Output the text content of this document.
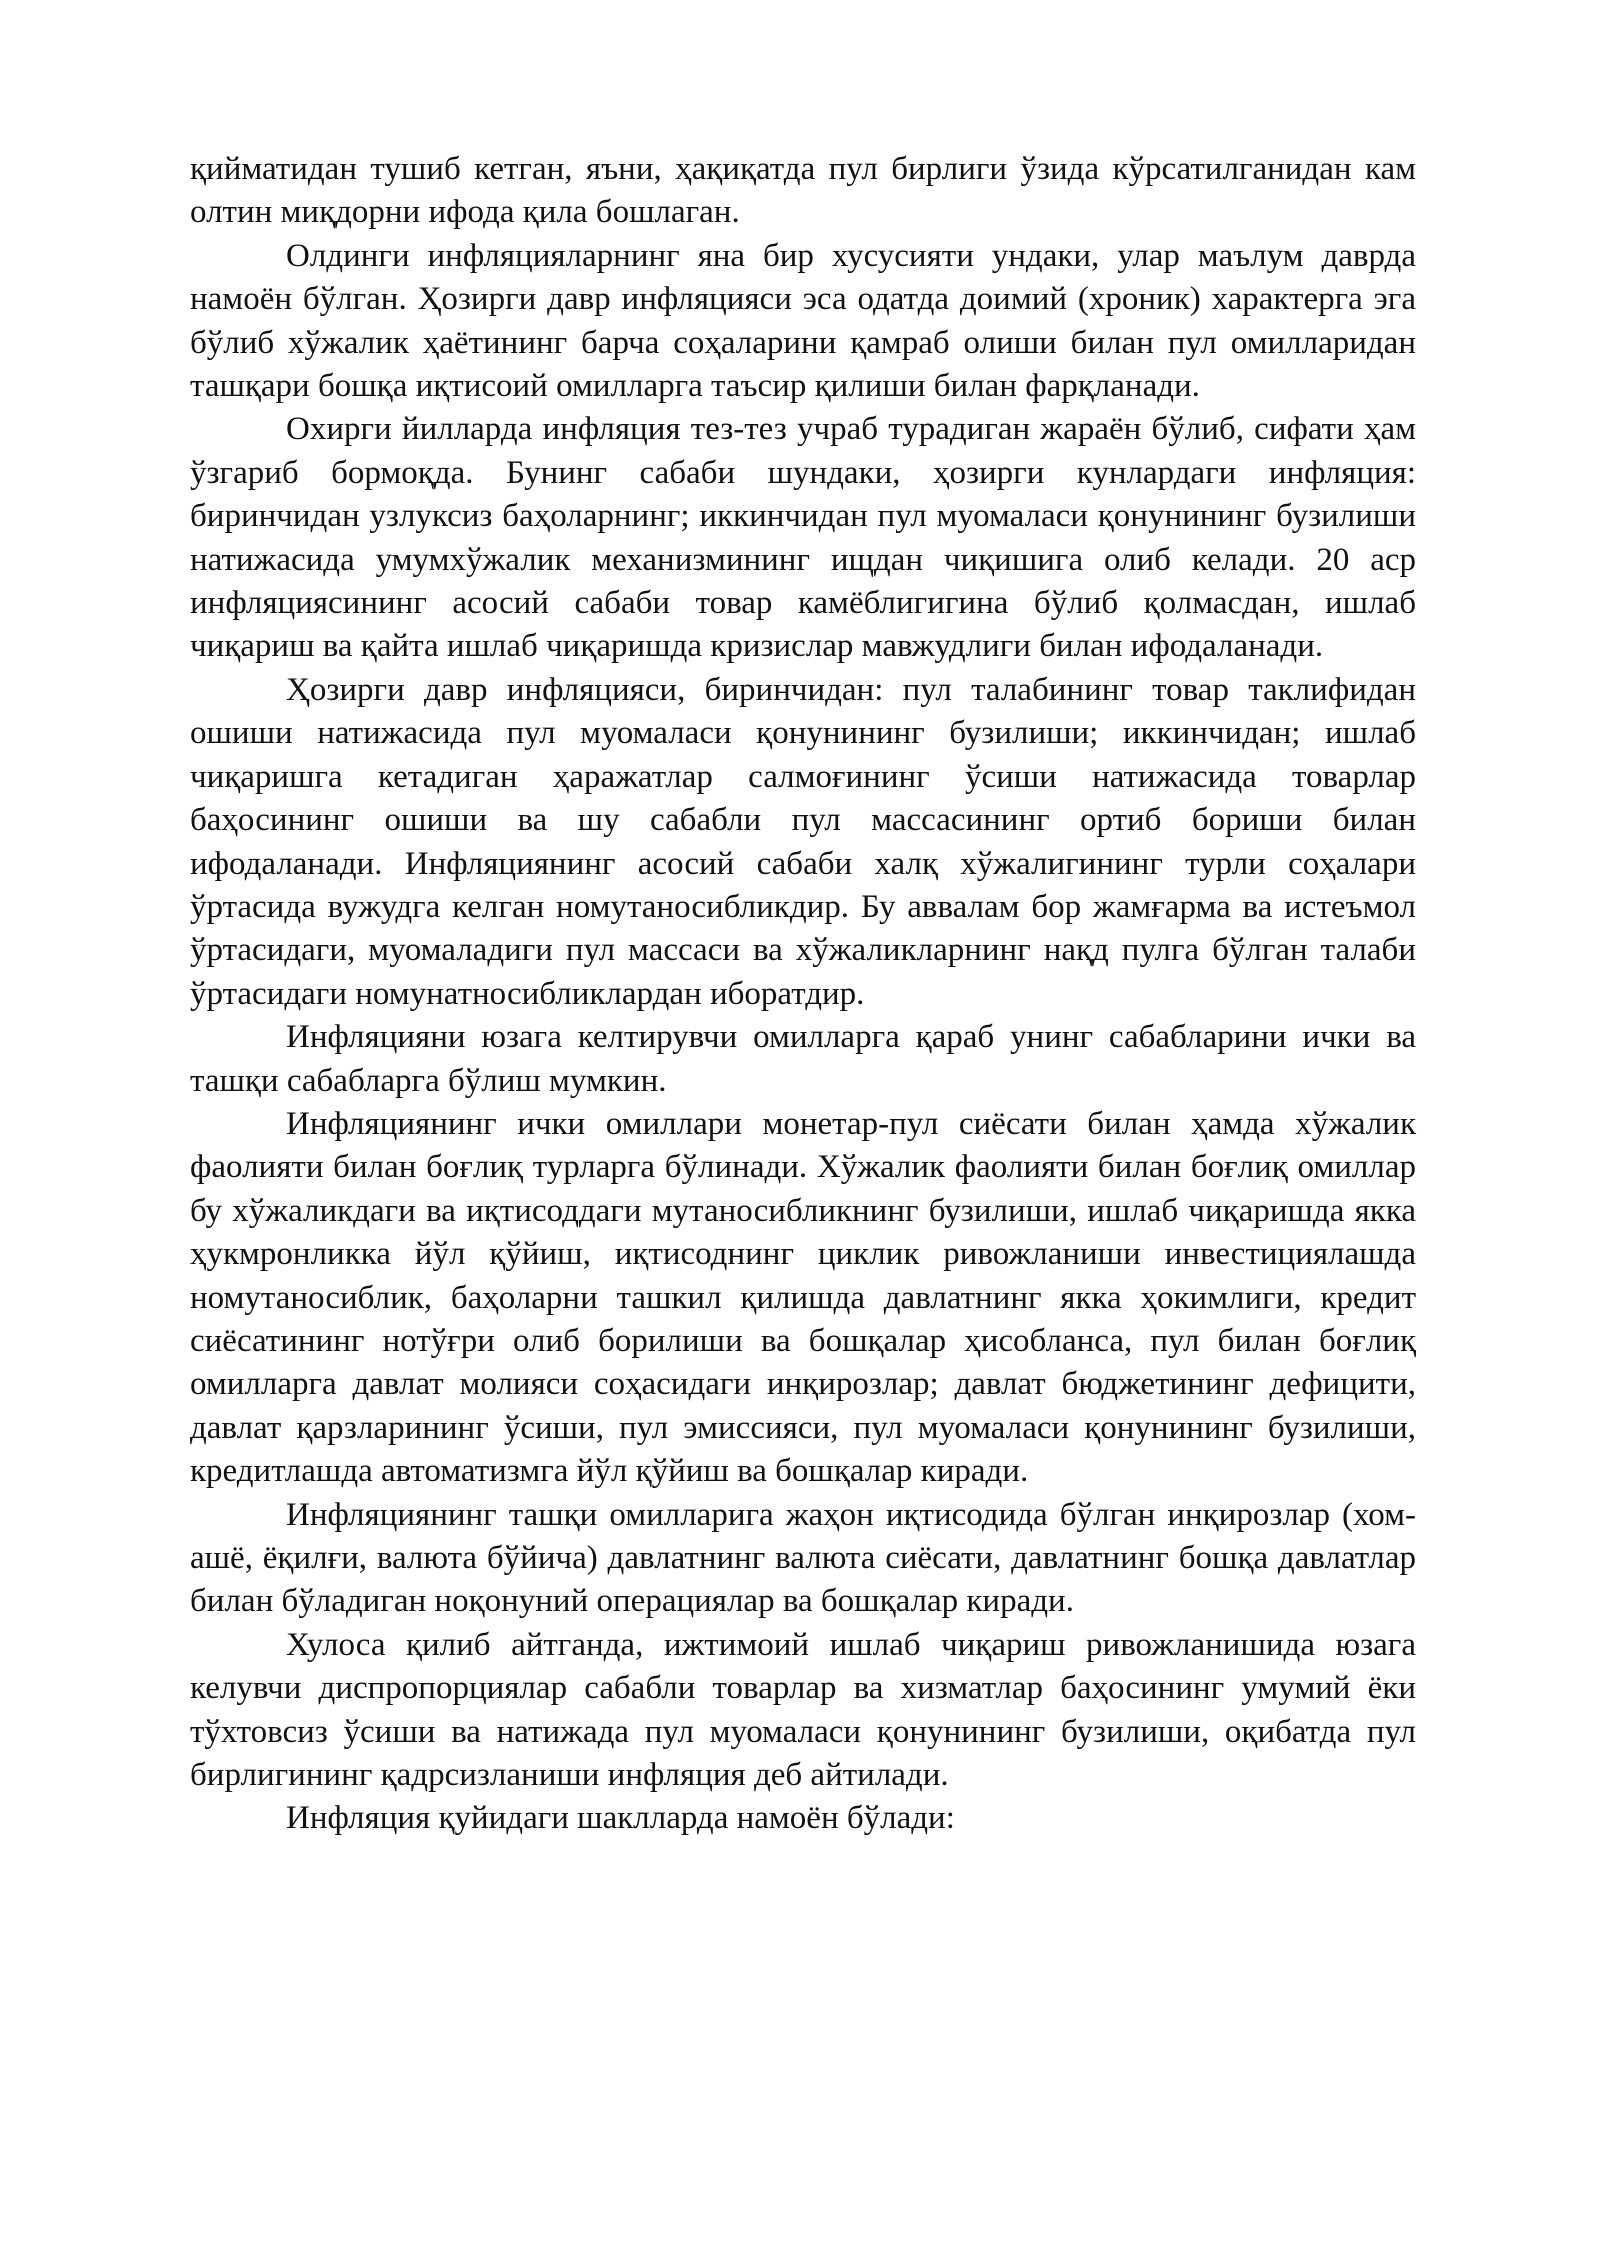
қийматидан тушиб кетган, яъни, ҳақиқатда пул бирлиги ўзида кўрсатилганидан кам олтин миқдорни ифода қила бошлаган.

Олдинги инфляцияларнинг яна бир хусусияти ундаки, улар маълум даврда намоён бўлган. Ҳозирги давр инфляцияси эса одатда доимий (хроник) характерга эга бўлиб хўжалик ҳаётининг барча соҳаларини қамраб олиши билан пул омилларидан ташқари бошқа иқтисоий омилларга таъсир қилиши билан фарқланади.

Охирги йилларда инфляция тез-тез учраб турадиган жараён бўлиб, сифати ҳам ўзгариб бормоқда. Бунинг сабаби шундаки, ҳозирги кунлардаги инфляция: биринчидан узлуксиз баҳоларнинг; иккинчидан пул муомаласи қонунининг бузилиши натижасида умумхўжалик механизмининг ищдан чиқишига олиб келади. 20 аср инфляциясининг асосий сабаби товар камёблигигина бўлиб қолмасдан, ишлаб чиқариш ва қайта ишлаб чиқаришда кризислар мавжудлиги билан ифодаланади.

Ҳозирги давр инфляцияси, биринчидан: пул талабининг товар таклифидан ошиши натижасида пул муомаласи қонунининг бузилиши; иккинчидан; ишлаб чиқаришга кетадиган ҳаражатлар салмоғининг ўсиши натижасида товарлар баҳосининг ошиши ва шу сабабли пул массасининг ортиб бориши билан ифодаланади. Инфляциянинг асосий сабаби халқ хўжалигининг турли соҳалари ўртасида вужудга келган номутаносибликдир. Бу аввалам бор жамғарма ва истеъмол ўртасидаги, муомаладиги пул массаси ва хўжаликларнинг нақд пулга бўлган талаби ўртасидаги номунатносибликлардан иборатдир.

Инфляцияни юзага келтирувчи омилларга қараб унинг сабабларини ички ва ташқи сабабларга бўлиш мумкин.

Инфляциянинг ички омиллари монетар-пул сиёсати билан ҳамда хўжалик фаолияти билан боғлиқ турларга бўлинади. Хўжалик фаолияти билан боғлиқ омиллар бу хўжаликдаги ва иқтисоддаги мутаносибликнинг бузилиши, ишлаб чиқаришда якка ҳукмронликка йўл қўйиш, иқтисоднинг циклик ривожланиши инвестициялашда номутаносиблик, баҳоларни ташкил қилишда давлатнинг якка ҳокимлиги, кредит сиёсатининг нотўғри олиб борилиши ва бошқалар ҳисобланса, пул билан боғлиқ омилларга давлат молияси соҳасидаги инқирозлар; давлат бюджетининг дефицити, давлат қарзларининг ўсиши, пул эмиссияси, пул муомаласи қонунининг бузилиши, кредитлашда автоматизмга йўл қўйиш ва бошқалар киради.

Инфляциянинг ташқи омилларига жаҳон иқтисодида бўлган инқирозлар (хом-ашё, ёқилғи, валюта бўйича) давлатнинг валюта сиёсати, давлатнинг бошқа давлатлар билан бўладиган ноқонуний операциялар ва бошқалар киради.

Хулоса қилиб айтганда, ижтимоий ишлаб чиқариш ривожланишида юзага келувчи диспропорциялар сабабли товарлар ва хизматлар баҳосининг умумий ёки тўхтовсиз ўсиши ва натижада пул муомаласи қонунининг бузилиши, оқибатда пул бирлигининг қадрсизланиши инфляция деб айтилади.

Инфляция қуйидаги шаклларда намоён бўлади:
